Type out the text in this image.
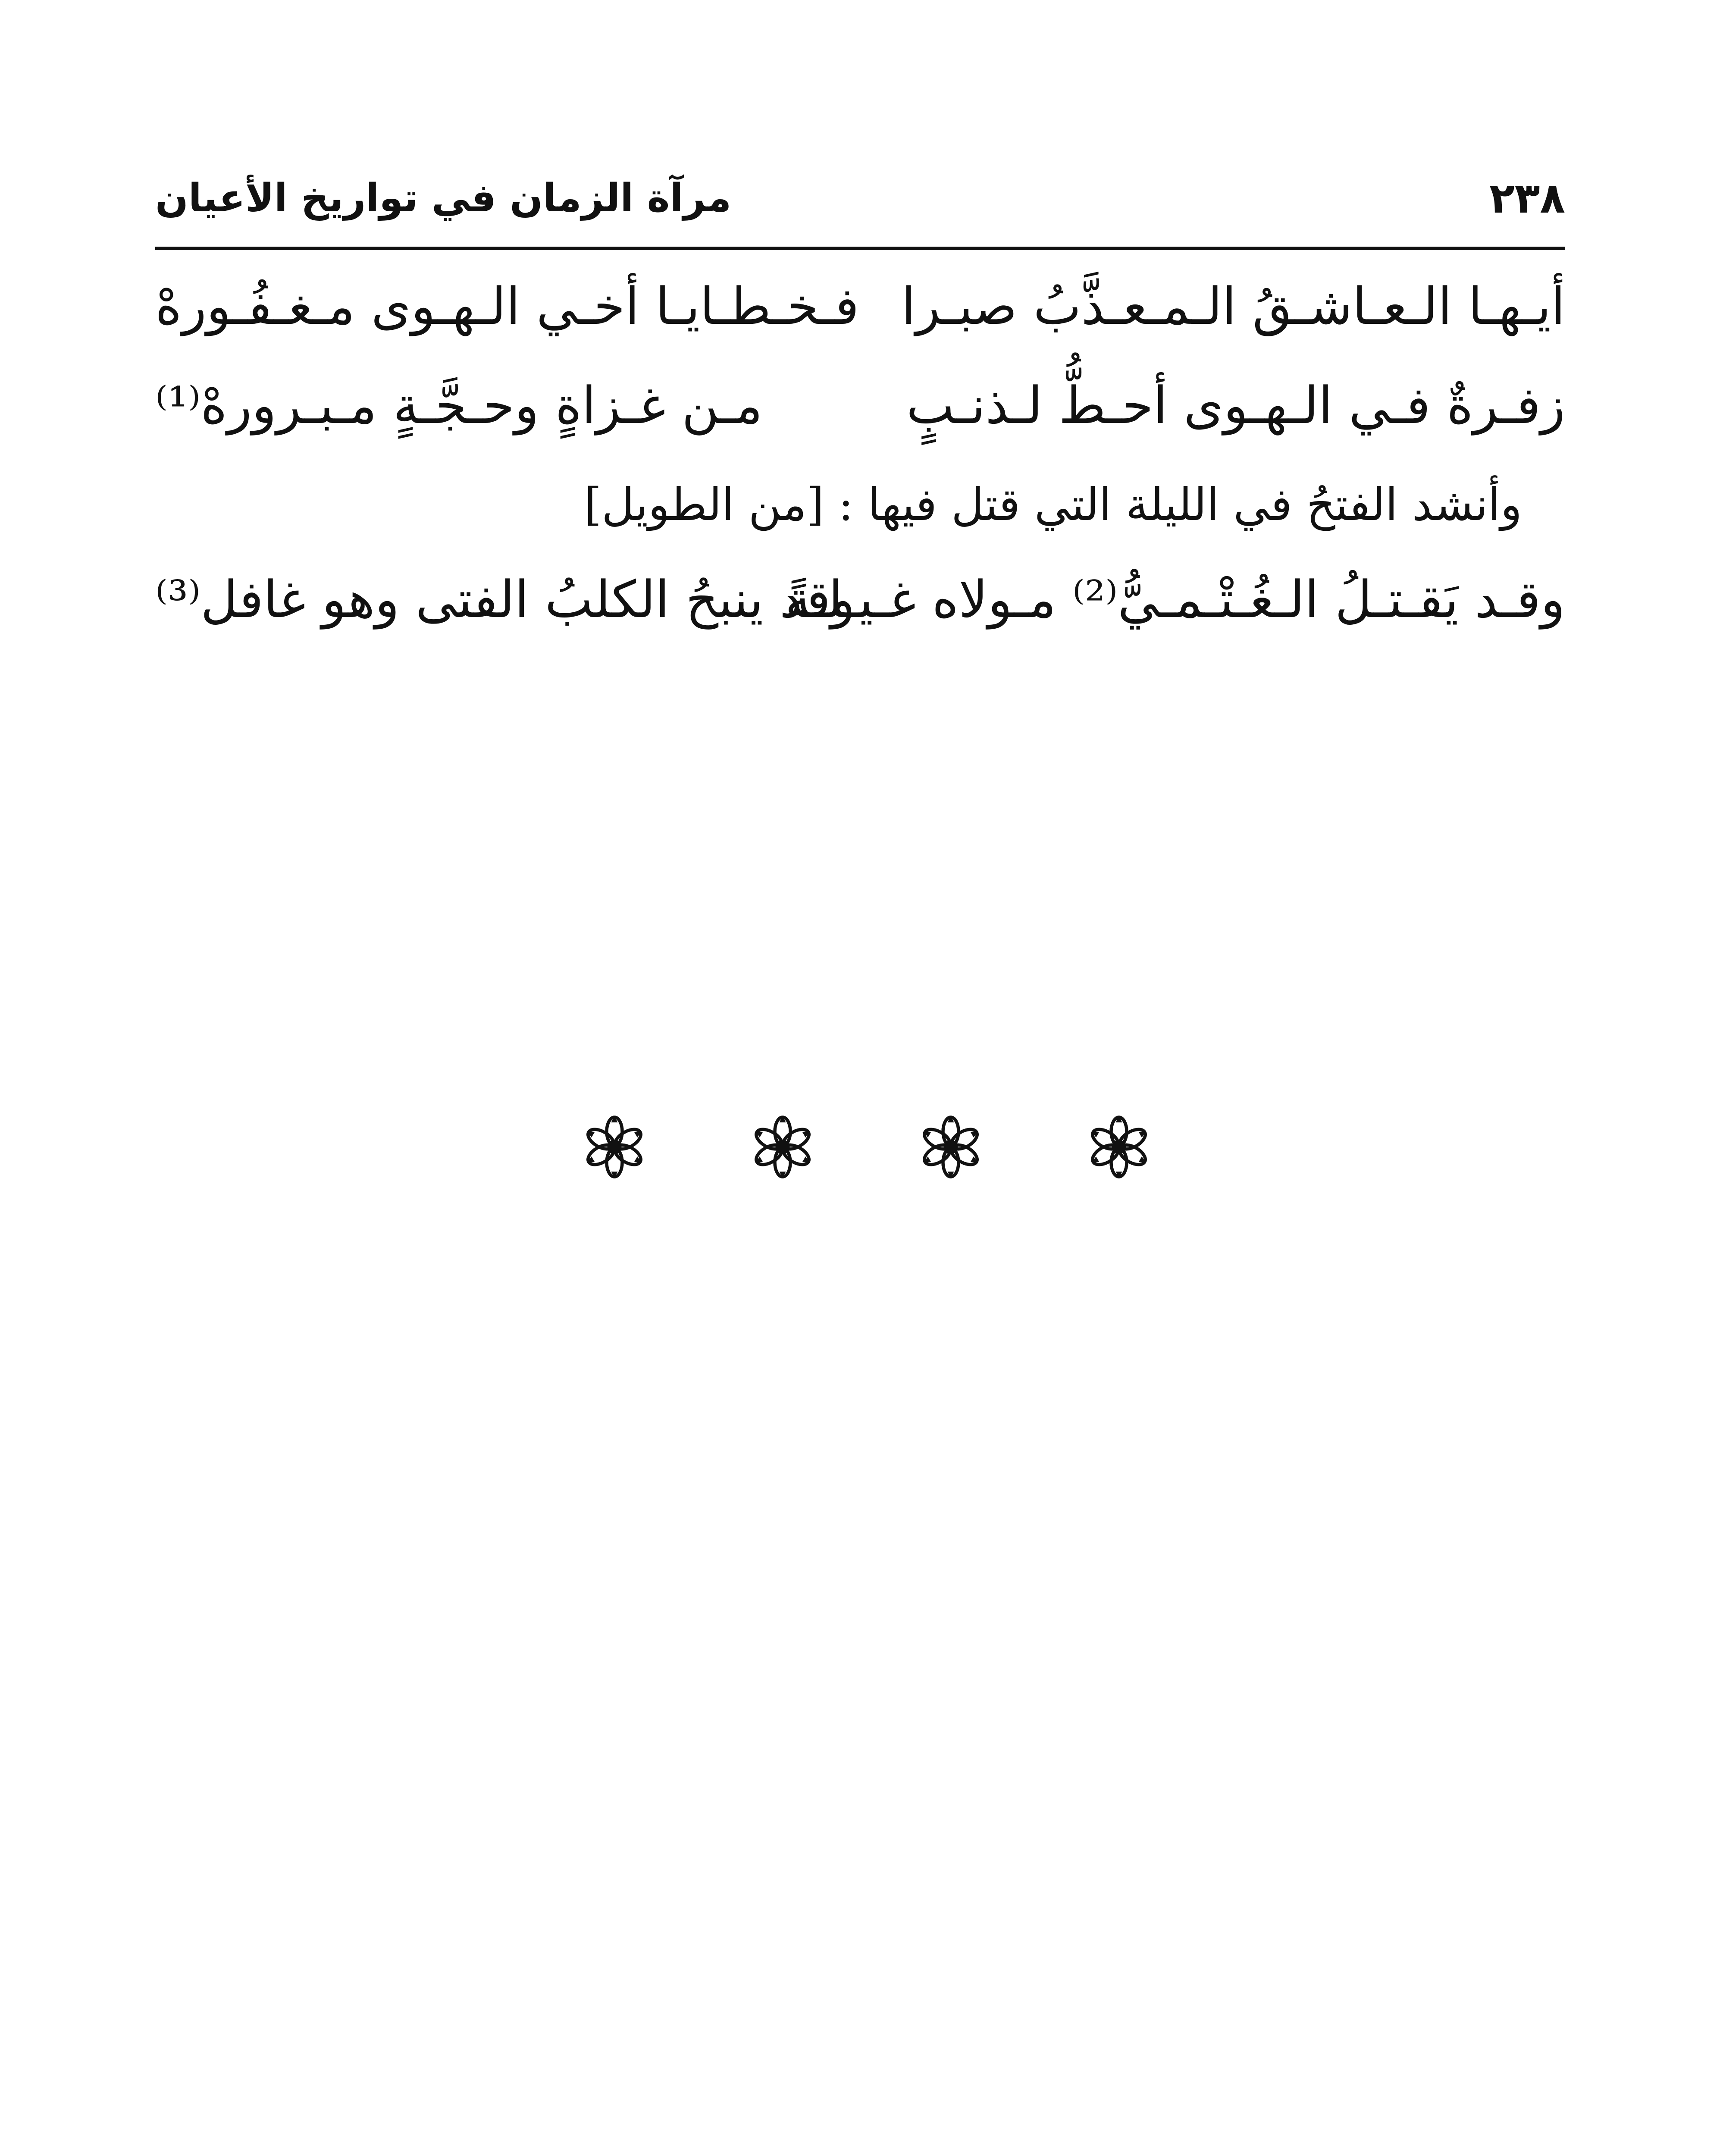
٢٣٨
مرآة الزمان في تواريخ الأعيان
أيـهـا الـعـاشـقُ الـمـعـذَّبُ صبـرا
فـخـطـايـا أخـي الـهـوى مـغـفُـورهْ
زفـرةٌ فـي الـهـوى أحـطُّ لـذنـبٍ
مـن غـزاةٍ وحـجَّـةٍ مـبـرورهْ⁽¹⁾
وأنشد الفتحُ في الليلة التي قتل فيها : [من الطويل]
وقـد يَقـتـلُ الـغُـتْـمـيُّ⁽²⁾ مـولاه غـيـلـةً
وقد ينبحُ الكلبُ الفتى وهو غافل⁽³⁾
